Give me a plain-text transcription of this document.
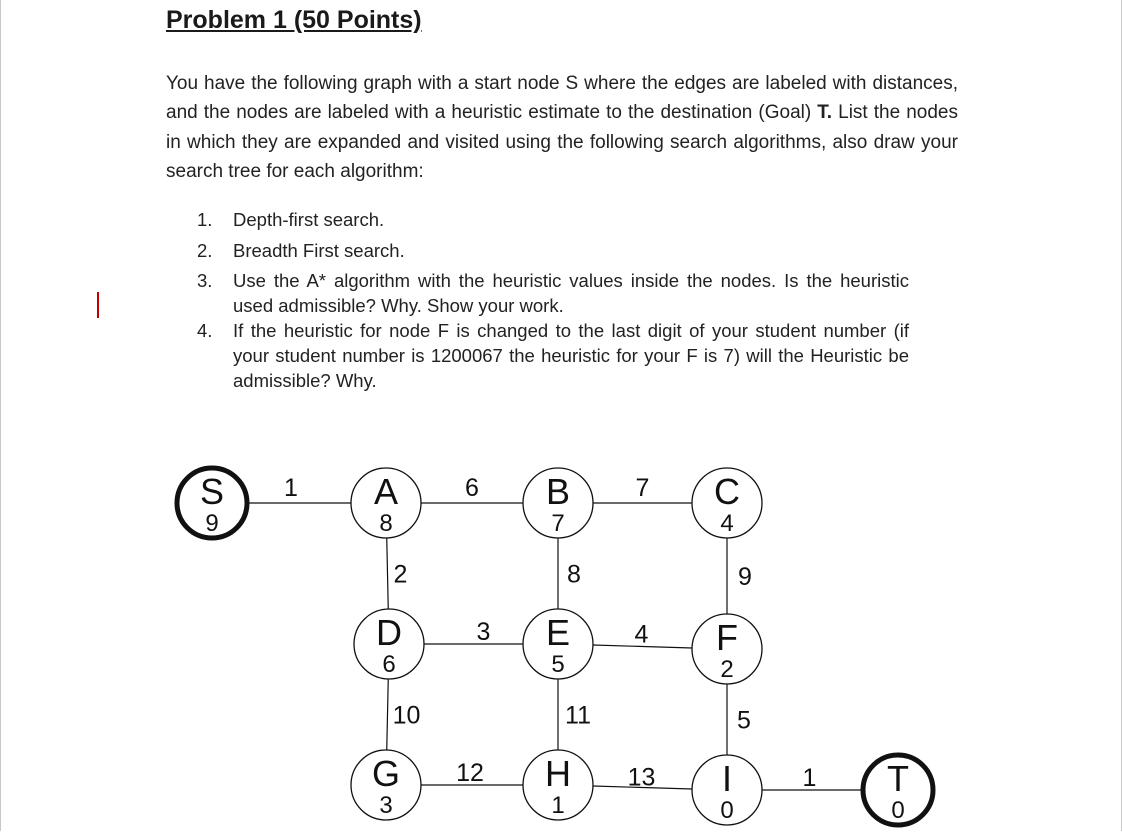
Problem 1 (50 Points)

You have the following graph with a start node S where the edges are labeled with distances, and the nodes are labeled with a heuristic estimate to the destination (Goal) T. List the nodes in which they are expanded and visited using the following search algorithms, also draw your search tree for each algorithm:

1. Depth-first search.
2. Breadth First search.
3. Use the A* algorithm with the heuristic values inside the nodes. Is the heuristic used admissible? Why. Show your work.
4. If the heuristic for node F is changed to the last digit of your student number (if your student number is 1200067 the heuristic for your F is 7) will the Heuristic be admissible? Why.
1	6	7
2	8	9
3	4
10	11	5
12	13	1
S
9
A
8
B
7
C
4
D
6
E
5
F
2
G
3
H
1
I
0
T
0
